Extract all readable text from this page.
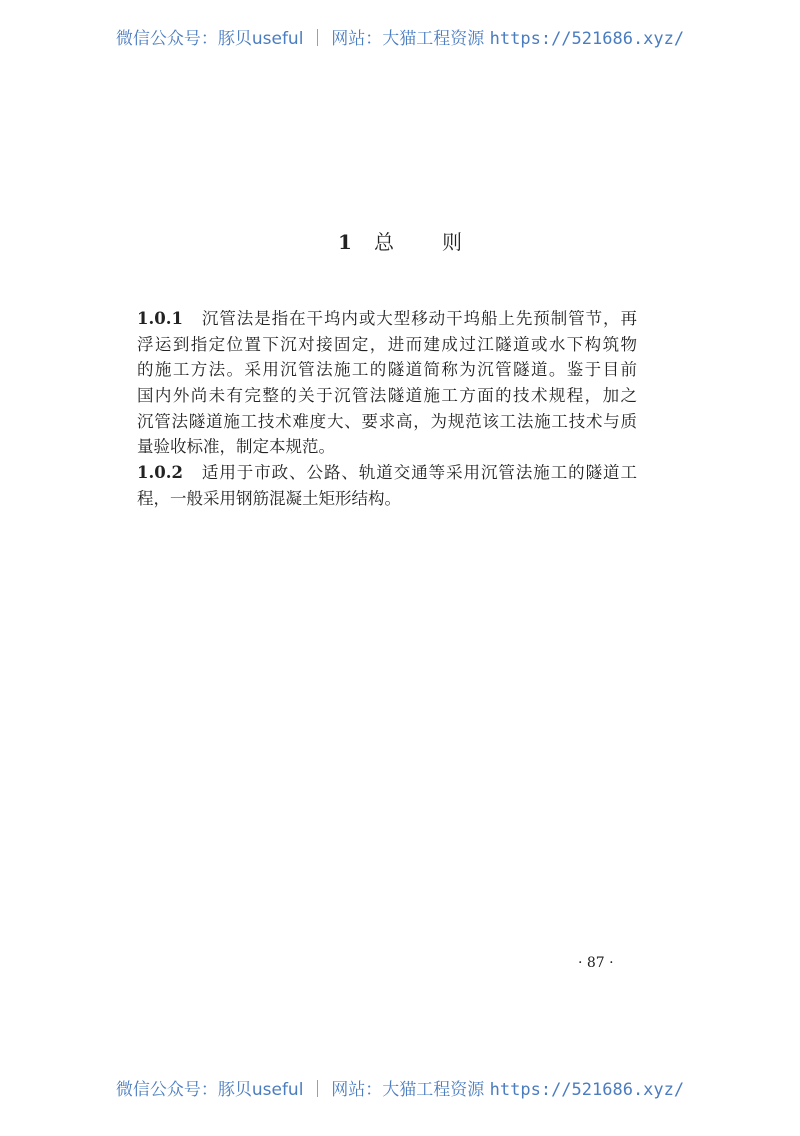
微信公众号：豚贝useful ｜ 网站：大猫工程资源 https://521686.xyz/
1 总 则
1.0.1 沉管法是指在干坞内或大型移动干坞船上先预制管节，再
浮运到指定位置下沉对接固定，进而建成过江隧道或水下构筑物
的施工方法。采用沉管法施工的隧道简称为沉管隧道。鉴于目前
国内外尚未有完整的关于沉管法隧道施工方面的技术规程，加之
沉管法隧道施工技术难度大、要求高，为规范该工法施工技术与质
量验收标准，制定本规范。
1.0.2 适用于市政、公路、轨道交通等采用沉管法施工的隧道工
程，一般采用钢筋混凝土矩形结构。
· 87 ·
微信公众号：豚贝useful ｜ 网站：大猫工程资源 https://521686.xyz/
